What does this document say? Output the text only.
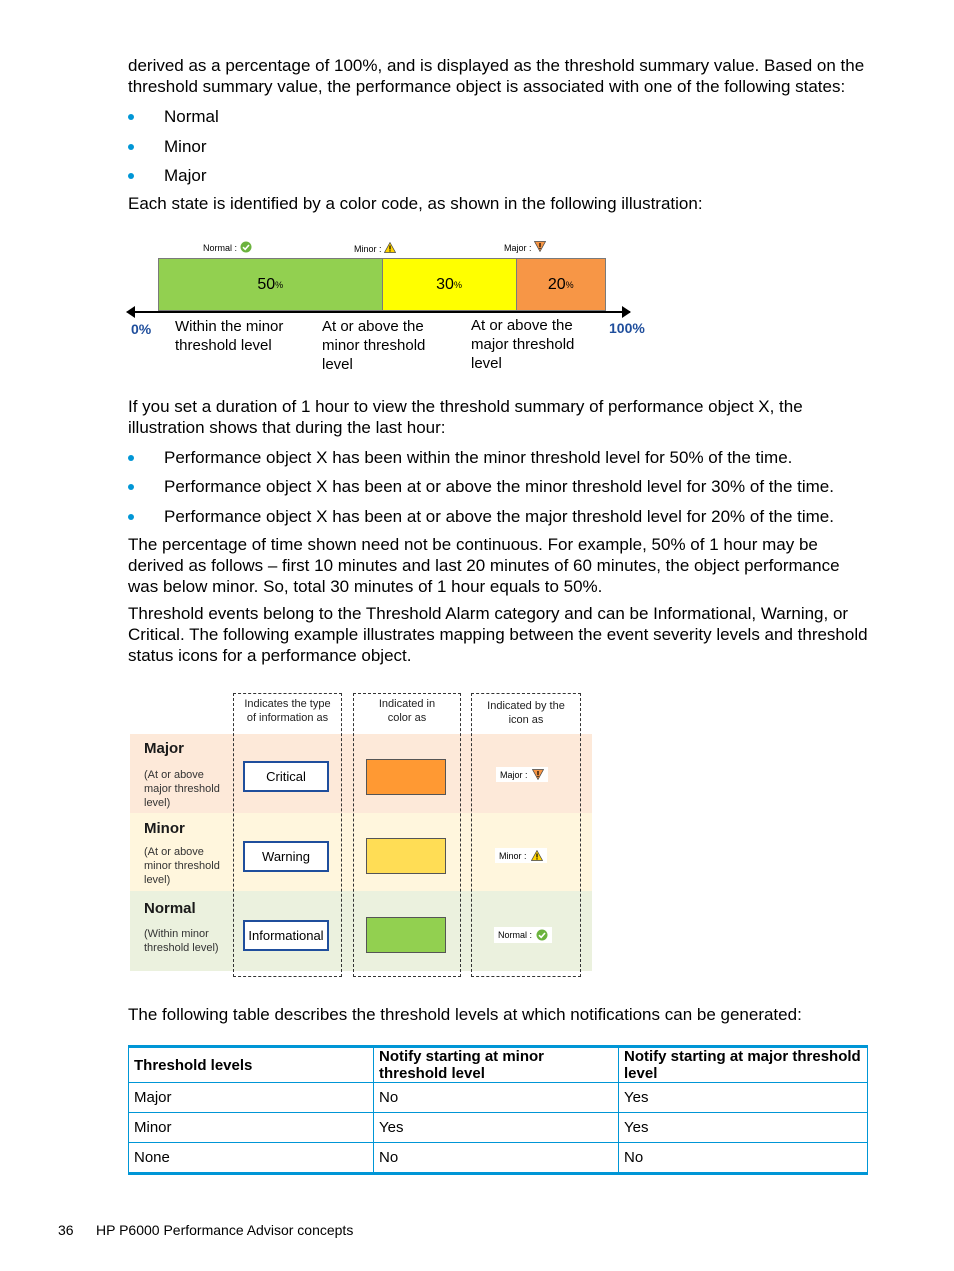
derived as a percentage of 100%, and is displayed as the threshold summary value. Based on the threshold summary value, the performance object is associated with one of the following states:

Normal
Minor
Major

Each state is identified by a color code, as shown in the following illustration:

Normal :	Minor :	Major :
50 %	30 %	20 %
0%	100%
Within the minor
threshold level
At or above the
minor threshold
level
At or above the
major threshold
level

If you set a duration of 1 hour to view the threshold summary of performance object X, the illustration shows that during the last hour:

Performance object X has been within the minor threshold level for 50% of the time.
Performance object X has been at or above the minor threshold level for 30% of the time.
Performance object X has been at or above the major threshold level for 20% of the time.

The percentage of time shown need not be continuous. For example, 50% of 1 hour may be derived as follows – first 10 minutes and last 20 minutes of 60 minutes, the object performance was below minor. So, total 30 minutes of 1 hour equals to 50%.

Threshold events belong to the Threshold Alarm category and can be Informational, Warning, or Critical. The following example illustrates mapping between the event severity levels and threshold status icons for a performance object.

Indicates the type
of information as
Indicated in
color as
Indicated by the
icon as
Major
(At or above
major threshold
level)
Critical	Major :
Minor
(At or above
minor threshold
level)
Warning	Minor :
Normal
(Within minor
threshold level)
Informational	Normal :

The following table describes the threshold levels at which notifications can be generated:

Threshold levels	Notify starting at minor threshold level	Notify starting at major threshold level
Major	No	Yes
Minor	Yes	Yes
None	No	No
36 HP P6000 Performance Advisor concepts
